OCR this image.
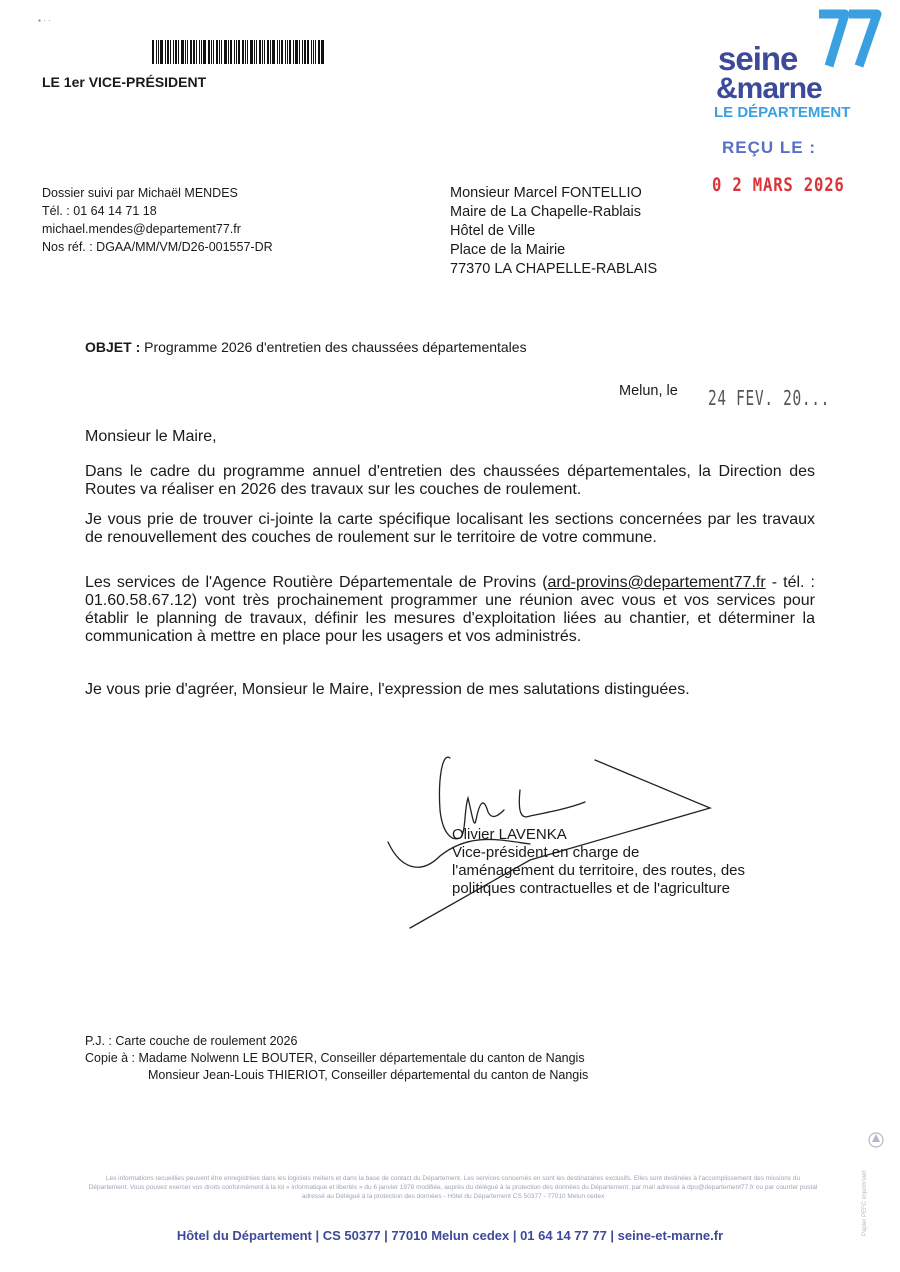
▪ · ·
LE 1er VICE-PRÉSIDENT
seine
&marne
LE DÉPARTEMENT
REÇU LE :
0 2 MARS 2026
Dossier suivi par Michaël MENDES
Tél. : 01 64 14 71 18
michael.mendes@departement77.fr
Nos réf. : DGAA/MM/VM/D26-001557-DR
Monsieur Marcel FONTELLIO
Maire de La Chapelle-Rablais
Hôtel de Ville
Place de la Mairie
77370 LA CHAPELLE-RABLAIS
OBJET : Programme 2026 d'entretien des chaussées départementales
Melun, le 24 FEV. 20...
Monsieur le Maire,

Dans le cadre du programme annuel d'entretien des chaussées départementales, la Direction des Routes va réaliser en 2026 des travaux sur les couches de roulement.

Je vous prie de trouver ci-jointe la carte spécifique localisant les sections concernées par les travaux de renouvellement des couches de roulement sur le territoire de votre commune.

Les services de l'Agence Routière Départementale de Provins (ard-provins@departement77.fr - tél. : 01.60.58.67.12) vont très prochainement programmer une réunion avec vous et vos services pour établir le planning de travaux, définir les mesures d'exploitation liées au chantier, et déterminer la communication à mettre en place pour les usagers et vos administrés.

Je vous prie d'agréer, Monsieur le Maire, l'expression de mes salutations distinguées.

Olivier LAVENKA
Vice-président en charge de
l'aménagement du territoire, des routes, des
politiques contractuelles et de l'agriculture
P.J. : Carte couche de roulement 2026
Copie à : Madame Nolwenn LE BOUTER, Conseiller départementale du canton de Nangis
Monsieur Jean-Louis THIERIOT, Conseiller départemental du canton de Nangis
Papier PEFC imprim'vert
Les informations recueillies peuvent être enregistrées dans les logiciels métiers et dans la base de contact du Département. Les services concernés en sont les destinataires exclusifs. Elles sont destinées à l'accomplissement des missions du Département. Vous pouvez exercer vos droits conformément à la loi « informatique et libertés » du 6 janvier 1978 modifiée, auprès du délégué à la protection des données du Département, par mail adressé à dpo@departement77.fr ou par courrier postal adressé au Délégué à la protection des données - Hôtel du Département CS 50377 - 77010 Melun cedex
Hôtel du Département | CS 50377 | 77010 Melun cedex | 01 64 14 77 77 | seine-et-marne.fr
